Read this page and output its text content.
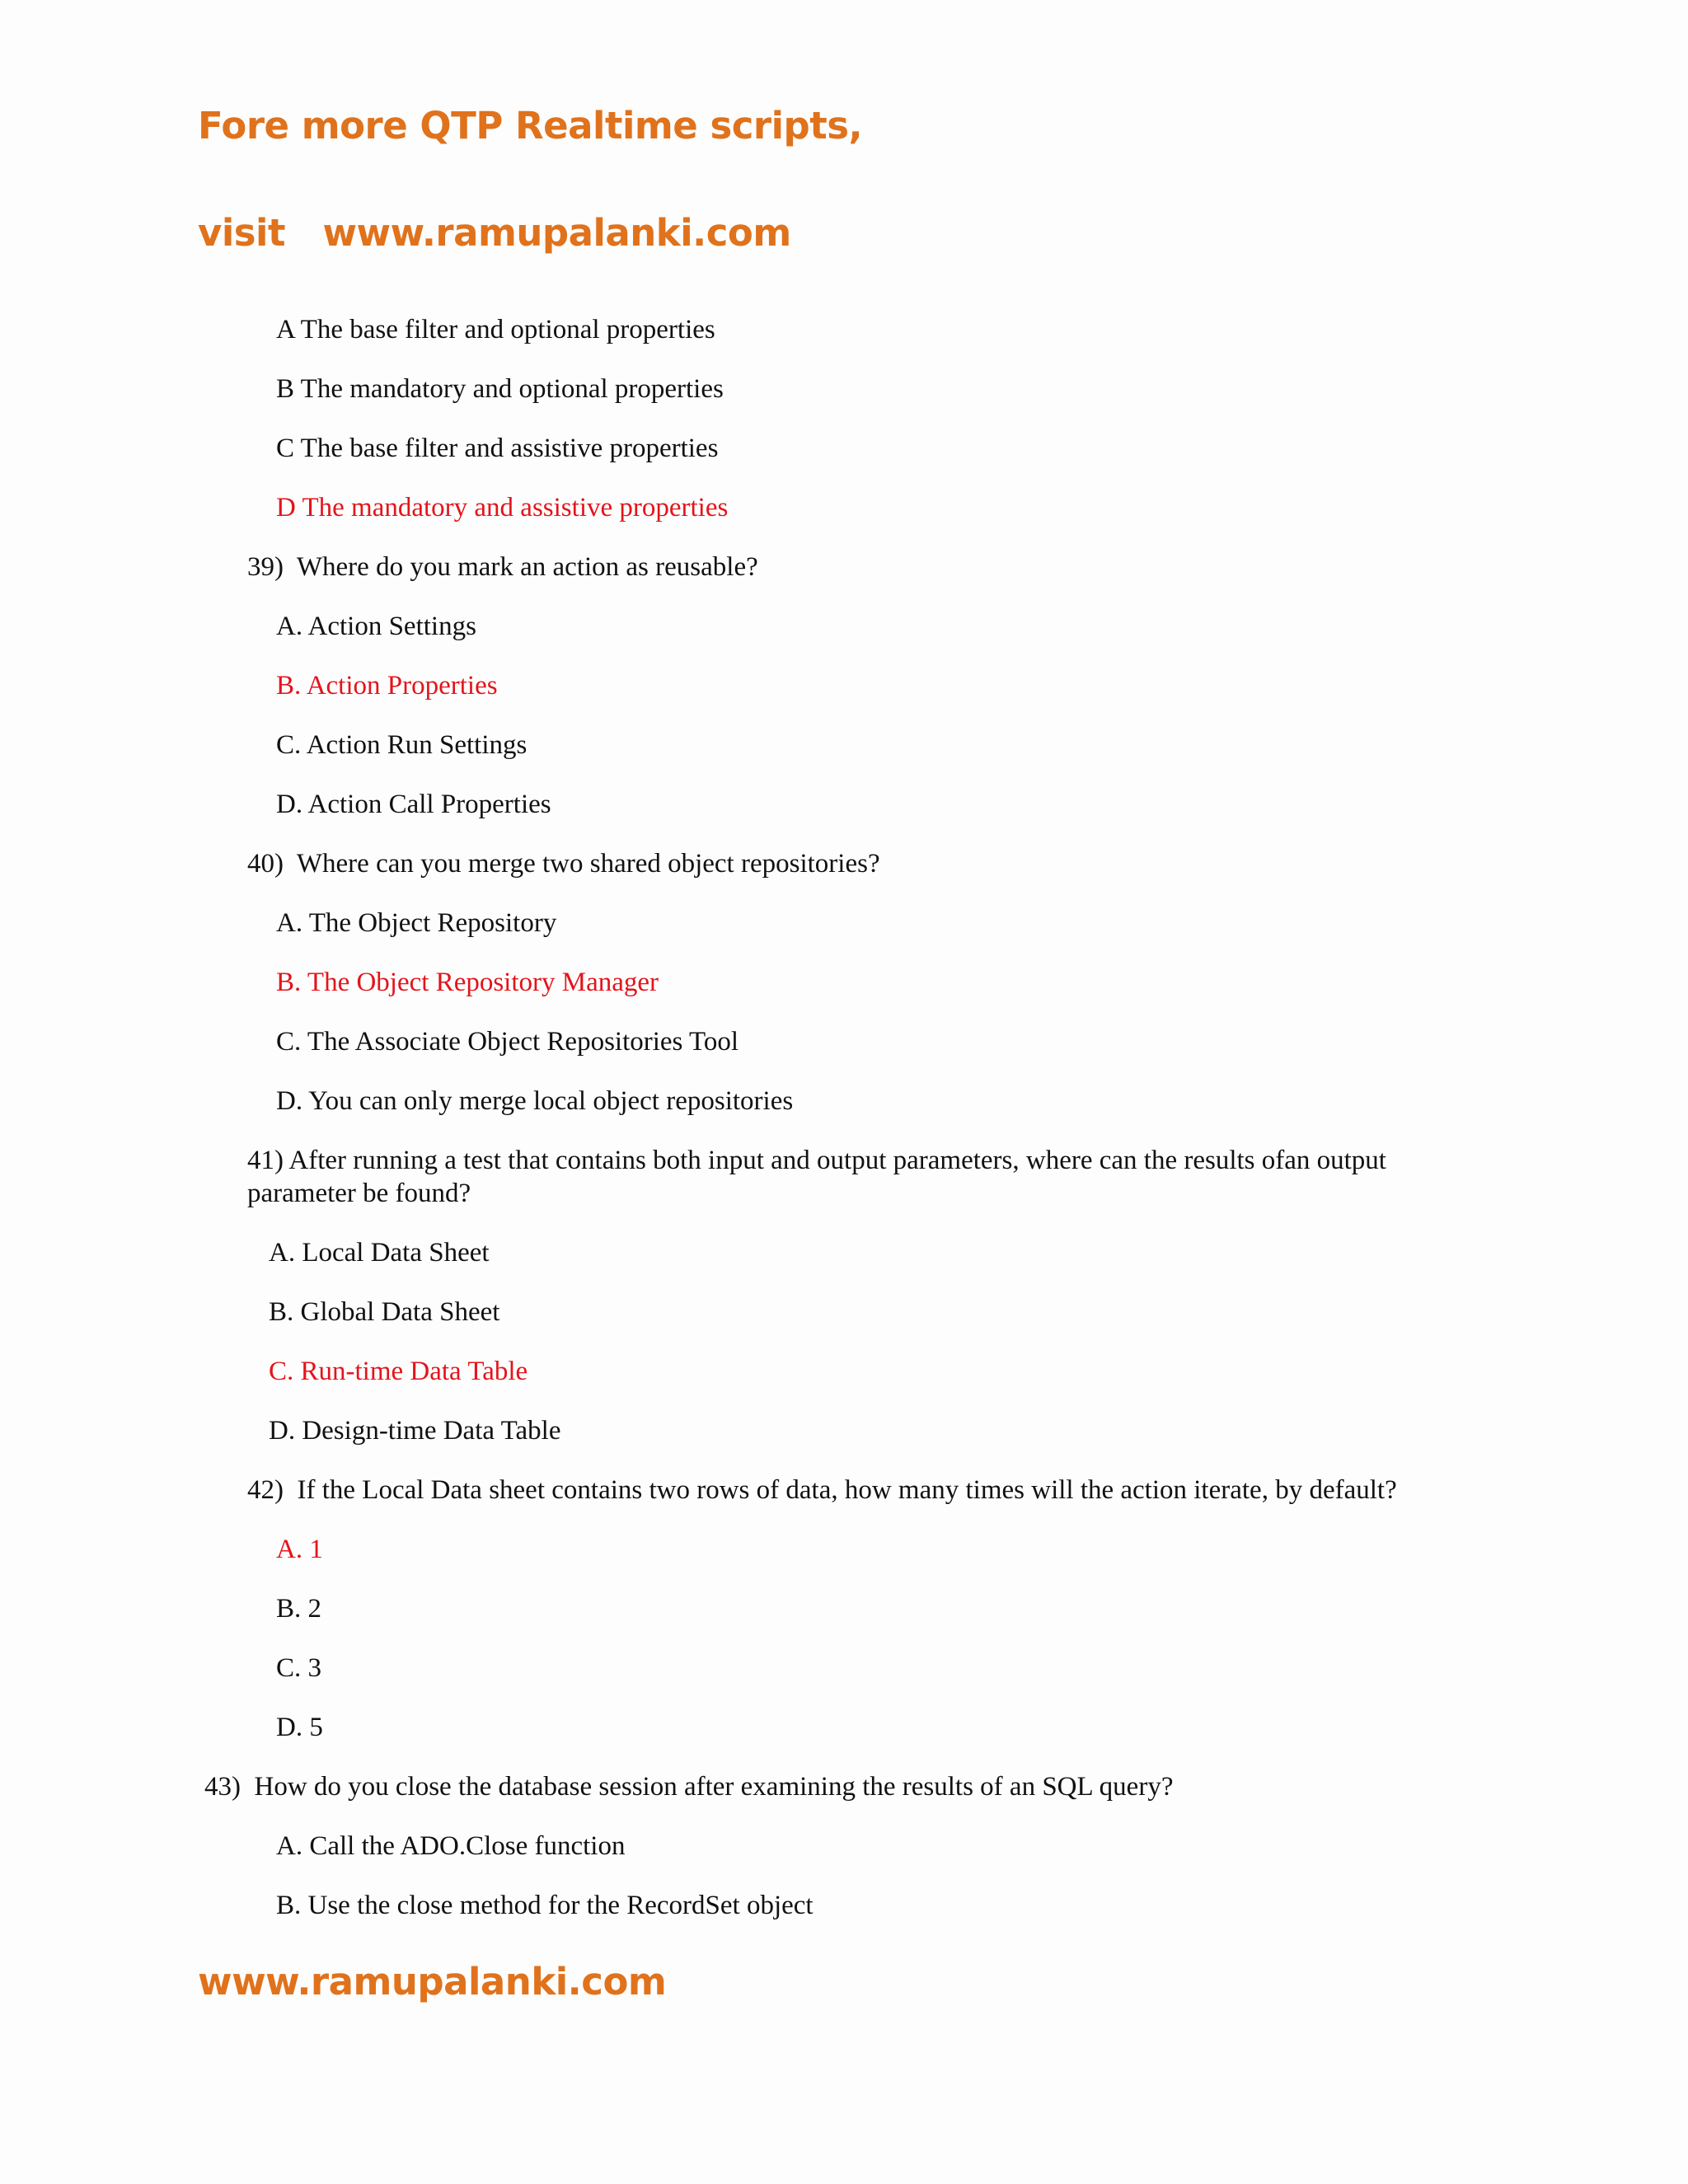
Fore more QTP Realtime scripts,
visit   www.ramupalanki.com
A The base filter and optional properties
B The mandatory and optional properties
C The base filter and assistive properties
D The mandatory and assistive properties
39)  Where do you mark an action as reusable?
A. Action Settings
B. Action Properties
C. Action Run Settings
D. Action Call Properties
40)  Where can you merge two shared object repositories?
A. The Object Repository
B. The Object Repository Manager
C. The Associate Object Repositories Tool
D. You can only merge local object repositories
41) After running a test that contains both input and output parameters, where can the results ofan output parameter be found?
A. Local Data Sheet
B. Global Data Sheet
C. Run-time Data Table
D. Design-time Data Table
42)  If the Local Data sheet contains two rows of data, how many times will the action iterate, by default?
A. 1
B. 2
C. 3
D. 5
43)  How do you close the database session after examining the results of an SQL query?
A. Call the ADO.Close function
B. Use the close method for the RecordSet object
www.ramupalanki.com
